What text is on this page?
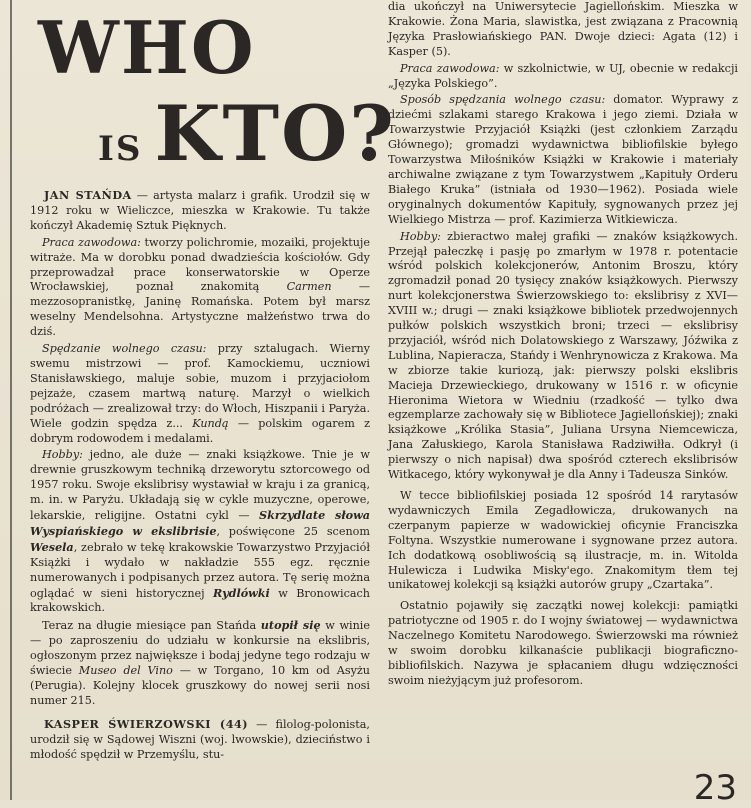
WHO
IS KTO?

JAN STAŃDA — artysta malarz i grafik. Urodził się w 1912 roku w Wieliczce, mieszka w Krakowie. Tu także kończył Akademię Sztuk Pięknych.

Praca zawodowa: tworzy polichromie, mozaiki, projektuje witraże. Ma w dorobku ponad dwadzieścia kościołów. Gdy przeprowadzał prace konserwatorskie w Operze Wrocławskiej, poznał znakomitą Carmen — mezzosopranistkę, Janinę Romańska. Potem był marsz weselny Mendelsohna. Artystyczne małżeństwo trwa do dziś.

Spędzanie wolnego czasu: przy sztalugach. Wierny swemu mistrzowi — prof. Kamockiemu, uczniowi Stanisławskiego, maluje sobie, muzom i przyjaciołom pejzaże, czasem martwą naturę. Marzył o wielkich podróżach — zrealizował trzy: do Włoch, Hiszpanii i Paryża. Wiele godzin spędza z... Kundą — polskim ogarem z dobrym rodowodem i medalami.

Hobby: jedno, ale duże — znaki książkowe. Tnie je w drewnie gruszkowym techniką drzeworytu sztorcowego od 1957 roku. Swoje ekslibrisy wystawiał w kraju i za granicą, m. in. w Paryżu. Układają się w cykle muzyczne, operowe, lekarskie, religijne. Ostatni cykl — Skrzydlate słowa Wyspiańskiego w ekslibrisie, poświęcone 25 scenom Wesela, zebrało w tekę krakowskie Towarzystwo Przyjaciół Książki i wydało w nakładzie 555 egz. ręcznie numerowanych i podpisanych przez autora. Tę serię można oglądać w sieni historycznej Rydlówki w Bronowicach krakowskich.

Teraz na długie miesiące pan Stańda utopił się w winie — po zaproszeniu do udziału w konkursie na ekslibris, ogłoszonym przez największe i bodaj jedyne tego rodzaju w świecie Museo del Vino — w Torgano, 10 km od Asyżu (Perugia). Kolejny klocek gruszkowy do nowej serii nosi numer 215.

KASPER ŚWIERZOWSKI (44) — filolog-polonista, urodził się w Sądowej Wiszni (woj. lwowskie), dzieciństwo i młodość spędził w Przemyślu, stu-

dia ukończył na Uniwersytecie Jagiellońskim. Mieszka w Krakowie. Żona Maria, slawistka, jest związana z Pracownią Języka Prasłowiańskiego PAN. Dwoje dzieci: Agata (12) i Kasper (5).

Praca zawodowa: w szkolnictwie, w UJ, obecnie w redakcji „Języka Polskiego”.

Sposób spędzania wolnego czasu: domator. Wyprawy z dziećmi szlakami starego Krakowa i jego ziemi. Działa w Towarzystwie Przyjaciół Książki (jest członkiem Zarządu Głównego); gromadzi wydawnictwa bibliofilskie byłego Towarzystwa Miłośników Książki w Krakowie i materiały archiwalne związane z tym Towarzystwem „Kapituły Orderu Białego Kruka” (istniała od 1930—1962). Posiada wiele oryginalnych dokumentów Kapituły, sygnowanych przez jej Wielkiego Mistrza — prof. Kazimierza Witkiewicza.

Hobby: zbieractwo małej grafiki — znaków książkowych. Przejął pałeczkę i pasję po zmarłym w 1978 r. potentacie wśród polskich kolekcjonerów, Antonim Broszu, który zgromadził ponad 20 tysięcy znaków książkowych. Pierwszy nurt kolekcjonerstwa Świerzowskiego to: ekslibrisy z XVI—XVIII w.; drugi — znaki książkowe bibliotek przedwojennych pułków polskich wszystkich broni; trzeci — ekslibrisy przyjaciół, wśród nich Dolatowskiego z Warszawy, Jóźwika z Lublina, Napieracza, Stańdy i Wenhrynowicza z Krakowa. Ma w zbiorze takie kuriozą, jak: pierwszy polski ekslibris Macieja Drzewieckiego, drukowany w 1516 r. w oficynie Hieronima Wietora w Wiedniu (rzadkość — tylko dwa egzemplarze zachowały się w Bibliotece Jagiellońskiej); znaki książkowe „Królika Stasia”, Juliana Ursyna Niemcewicza, Jana Załuskiego, Karola Stanisława Radziwiłła. Odkrył (i pierwszy o nich napisał) dwa spośród czterech ekslibrisów Witkacego, który wykonywał je dla Anny i Tadeusza Sinków.

W tecce bibliofilskiej posiada 12 spośród 14 rarytasów wydawniczych Emila Zegadłowicza, drukowanych na czerpanym papierze w wadowickiej oficynie Franciszka Foltyna. Wszystkie numerowane i sygnowane przez autora. Ich dodatkową osobliwością są ilustracje, m. in. Witolda Hulewicza i Ludwika Misky'ego. Znakomitym tłem tej unikatowej kolekcji są książki autorów grupy „Czartaka”.

Ostatnio pojawiły się zaczątki nowej kolekcji: pamiątki patriotyczne od 1905 r. do I wojny światowej — wydawnictwa Naczelnego Komitetu Narodowego. Świerzowski ma również w swoim dorobku kilkanaście publikacji biograficzno-bibliofilskich. Nazywa je spłacaniem długu wdzięczności swoim nieżyjącym już profesorom.

23
